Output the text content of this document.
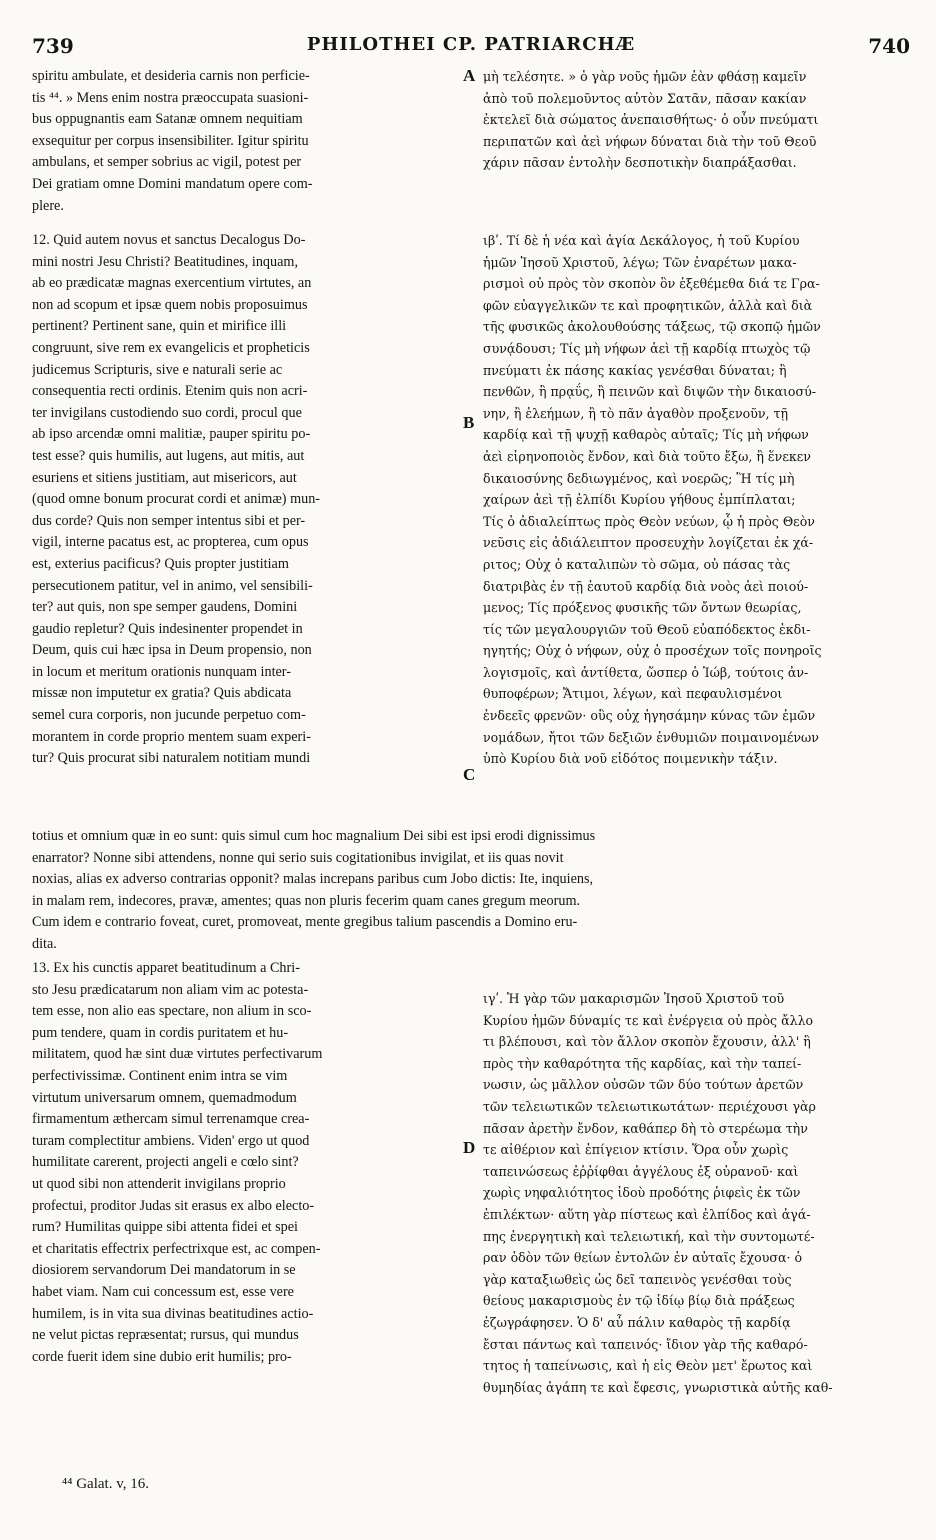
739	PHILOTHEI CP. PATRIARCHÆ	740

spiritu ambulate, et desideria carnis non perficie-
tis ⁴⁴. » Mens enim nostra præoccupata suasioni-
bus oppugnantis eam Satanæ omnem nequitiam
exsequitur per corpus insensibiliter. Igitur spiritu
ambulans, et semper sobrius ac vigil, potest per
Dei gratiam omne Domini mandatum opere com-
plere.

μὴ τελέσητε. » ὁ γὰρ νοῦς ἡμῶν ἐὰν φθάσῃ καμεῖν
ἀπὸ τοῦ πολεμοῦντος αὐτὸν Σατᾶν, πᾶσαν κακίαν
ἐκτελεῖ διὰ σώματος ἀνεπαισθήτως· ὁ οὖν πνεύματι
περιπατῶν καὶ ἀεὶ νήφων δύναται διὰ τὴν τοῦ Θεοῦ
χάριν πᾶσαν ἐντολὴν δεσποτικὴν διαπράξασθαι.

12. Quid autem novus et sanctus Decalogus Do-
mini nostri Jesu Christi? Beatitudines, inquam,
ab eo prædicatæ magnas exercentium virtutes, an
non ad scopum et ipsæ quem nobis proposuimus
pertinent? Pertinent sane, quin et mirifice illi
congruunt, sive rem ex evangelicis et propheticis
judicemus Scripturis, sive e naturali serie ac
consequentia recti ordinis. Etenim quis non acri-
ter invigilans custodiendo suo cordi, procul que
ab ipso arcendæ omni malitiæ, pauper spiritu po-
test esse? quis humilis, aut lugens, aut mitis, aut
esuriens et sitiens justitiam, aut misericors, aut
(quod omne bonum procurat cordi et animæ) mun-
dus corde? Quis non semper intentus sibi et per-
vigil, interne pacatus est, ac propterea, cum opus
est, exterius pacificus? Quis propter justitiam
persecutionem patitur, vel in animo, vel sensibili-
ter? aut quis, non spe semper gaudens, Domini
gaudio repletur? Quis indesinenter propendet in
Deum, quis cui hæc ipsa in Deum propensio, non
in locum et meritum orationis nunquam inter-
missæ non imputetur ex gratia? Quis abdicata
semel cura corporis, non jucunde perpetuo com-
morantem in corde proprio mentem suam experi-
tur? Quis procurat sibi naturalem notitiam mundi

ιβʹ. Τί δὲ ἡ νέα καὶ ἁγία Δεκάλογος, ἡ τοῦ Κυρίου
ἡμῶν Ἰησοῦ Χριστοῦ, λέγω; Τῶν ἐναρέτων μακα-
ρισμοὶ οὐ πρὸς τὸν σκοπὸν ὃν ἐξεθέμεθα διά τε Γρα-
φῶν εὐαγγελικῶν τε καὶ προφητικῶν, ἀλλὰ καὶ διὰ
τῆς φυσικῶς ἀκολουθούσης τάξεως, τῷ σκοπῷ ἡμῶν
συνᾴδουσι; Τίς μὴ νήφων ἀεὶ τῇ καρδίᾳ πτωχὸς τῷ
πνεύματι ἐκ πάσης κακίας γενέσθαι δύναται; ἢ
πενθῶν, ἢ πρᾳΰς, ἢ πεινῶν καὶ διψῶν τὴν δικαιοσύ-
νην, ἢ ἐλεήμων, ἢ τὸ πᾶν ἀγαθὸν προξενοῦν, τῇ
καρδίᾳ καὶ τῇ ψυχῇ καθαρὸς αὐταῖς; Τίς μὴ νήφων
ἀεὶ εἰρηνοποιὸς ἔνδον, καὶ διὰ τοῦτο ἔξω, ἢ ἕνεκεν
δικαιοσύνης δεδιωγμένος, καὶ νοερῶς; Ἢ τίς μὴ
χαίρων ἀεὶ τῇ ἐλπίδι Κυρίου γήθους ἐμπίπλαται;
Τίς ὁ ἀδιαλείπτως πρὸς Θεὸν νεύων, ᾧ ἡ πρὸς Θεὸν
νεῦσις εἰς ἀδιάλειπτον προσευχὴν λογίζεται ἐκ χά-
ριτος; Οὐχ ὁ καταλιπὼν τὸ σῶμα, οὐ πάσας τὰς
διατριβὰς ἐν τῇ ἑαυτοῦ καρδίᾳ διὰ νοὸς ἀεὶ ποιού-
μενος; Τίς πρόξενος φυσικῆς τῶν ὄντων θεωρίας,
τίς τῶν μεγαλουργιῶν τοῦ Θεοῦ εὐαπόδεκτος ἐκδι-
ηγητής; Οὐχ ὁ νήφων, οὐχ ὁ προσέχων τοῖς πονηροῖς
λογισμοῖς, καὶ ἀντίθετα, ὥσπερ ὁ Ἰώβ, τούτοις ἀν-
θυποφέρων; Ἄτιμοι, λέγων, καὶ πεφαυλισμένοι
ἐνδεεῖς φρενῶν· οὓς οὐχ ἡγησάμην κύνας τῶν ἐμῶν
νομάδων, ἤτοι τῶν δεξιῶν ἐνθυμιῶν ποιμαινομένων
ὑπὸ Κυρίου διὰ νοῦ εἰδότος ποιμενικὴν τάξιν.

totius et omnium quæ in eo sunt: quis simul cum hoc magnalium Dei sibi est ipsi erodi dignissimus
enarrator? Nonne sibi attendens, nonne qui serio suis cogitationibus invigilat, et iis quas novit
noxias, alias ex adverso contrarias opponit? malas increpans paribus cum Jobo dictis: Ite, inquiens,
in malam rem, indecores, pravæ, amentes; quas non pluris fecerim quam canes gregum meorum.
Cum idem e contrario foveat, curet, promoveat, mente gregibus talium pascendis a Domino eru-
dita.

13. Ex his cunctis apparet beatitudinum a Chri-
sto Jesu prædicatarum non aliam vim ac potesta-
tem esse, non alio eas spectare, non alium in sco-
pum tendere, quam in cordis puritatem et hu-
militatem, quod hæ sint duæ virtutes perfectivarum
perfectivissimæ. Continent enim intra se vim
virtutum universarum omnem, quemadmodum
firmamentum æthercam simul terrenamque crea-
turam complectitur ambiens. Viden' ergo ut quod
humilitate carerent, projecti angeli e cœlo sint?
ut quod sibi non attenderit invigilans proprio
profectui, proditor Judas sit erasus ex albo electo-
rum? Humilitas quippe sibi attenta fidei et spei
et charitatis effectrix perfectrixque est, ac compen-
diosiorem servandorum Dei mandatorum in se
habet viam. Nam cui concessum est, esse vere
humilem, is in vita sua divinas beatitudines actio-
ne velut pictas repræsentat; rursus, qui mundus
corde fuerit idem sine dubio erit humilis; pro-

ιγʹ. Ἡ γὰρ τῶν μακαρισμῶν Ἰησοῦ Χριστοῦ τοῦ
Κυρίου ἡμῶν δύναμίς τε καὶ ἐνέργεια οὐ πρὸς ἄλλο
τι βλέπουσι, καὶ τὸν ἄλλον σκοπὸν ἔχουσιν, ἀλλ' ἢ
πρὸς τὴν καθαρότητα τῆς καρδίας, καὶ τὴν ταπεί-
νωσιν, ὡς μᾶλλον οὐσῶν τῶν δύο τούτων ἀρετῶν
τῶν τελειωτικῶν τελειωτικωτάτων· περιέχουσι γὰρ
πᾶσαν ἀρετὴν ἔνδον, καθάπερ δὴ τὸ στερέωμα τὴν
τε αἰθέριον καὶ ἐπίγειον κτίσιν. Ὅρα οὖν χωρὶς
ταπεινώσεως ἐῤῥίφθαι ἀγγέλους ἐξ οὐρανοῦ· καὶ
χωρὶς νηφαλιότητος ἰδοὺ προδότης ῥιφεὶς ἐκ τῶν
ἐπιλέκτων· αὕτη γὰρ πίστεως καὶ ἐλπίδος καὶ ἀγά-
πης ἐνεργητικὴ καὶ τελειωτική, καὶ τὴν συντομωτέ-
ραν ὁδὸν τῶν θείων ἐντολῶν ἐν αὐταῖς ἔχουσα· ὁ
γὰρ καταξιωθεὶς ὡς δεῖ ταπεινὸς γενέσθαι τοὺς
θείους μακαρισμοὺς ἐν τῷ ἰδίῳ βίῳ διὰ πράξεως
ἐζωγράφησεν. Ὁ δ' αὖ πάλιν καθαρὸς τῇ καρδίᾳ
ἔσται πάντως καὶ ταπεινός· ἴδιον γὰρ τῆς καθαρό-
τητος ἡ ταπείνωσις, καὶ ἡ εἰς Θεὸν μετ' ἔρωτος καὶ
θυμηδίας ἀγάπη τε καὶ ἔφεσις, γνωριστικὰ αὐτῆς καθ-

A
B
C
D
⁴⁴ Galat. v, 16.
